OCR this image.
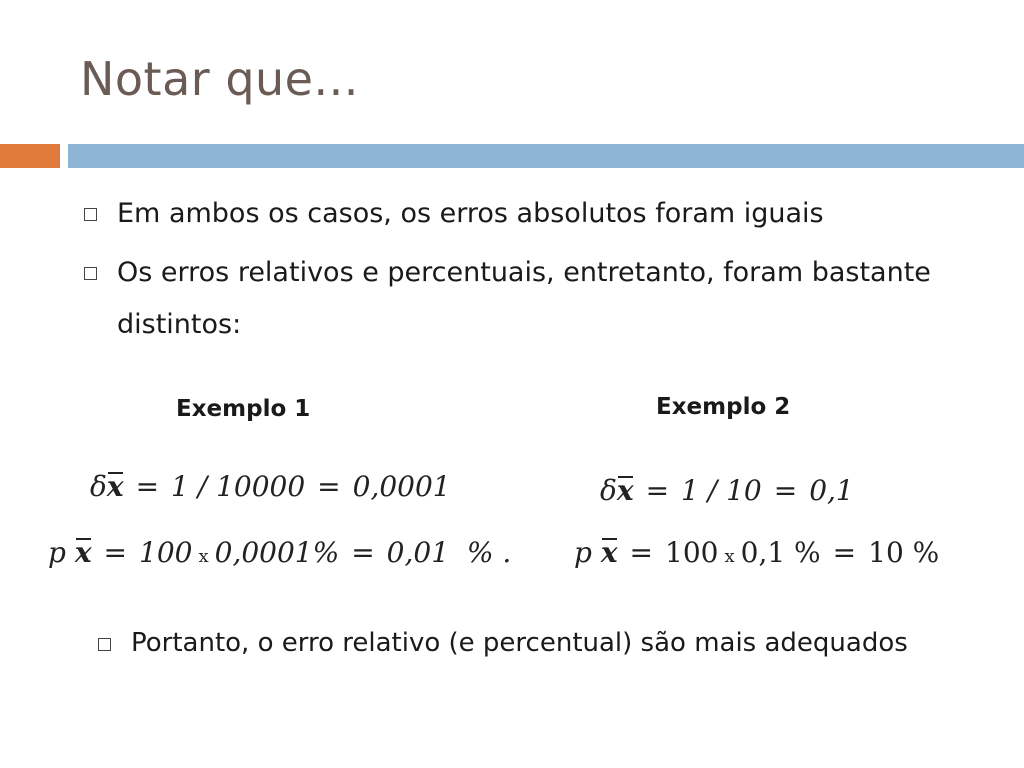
Notar que...
Em ambos os casos, os erros absolutos foram iguais
Os erros relativos e percentuais, entretanto, foram bastante distintos:
Exemplo 1	Exemplo 2
δx = 1 / 10000 = 0,0001
p x = 100 x 0,0001% = 0,01  % .
δx = 1 / 10 = 0,1
p x = 100 x 0,1 % = 10 %
Portanto, o erro relativo (e percentual) são mais adequados
